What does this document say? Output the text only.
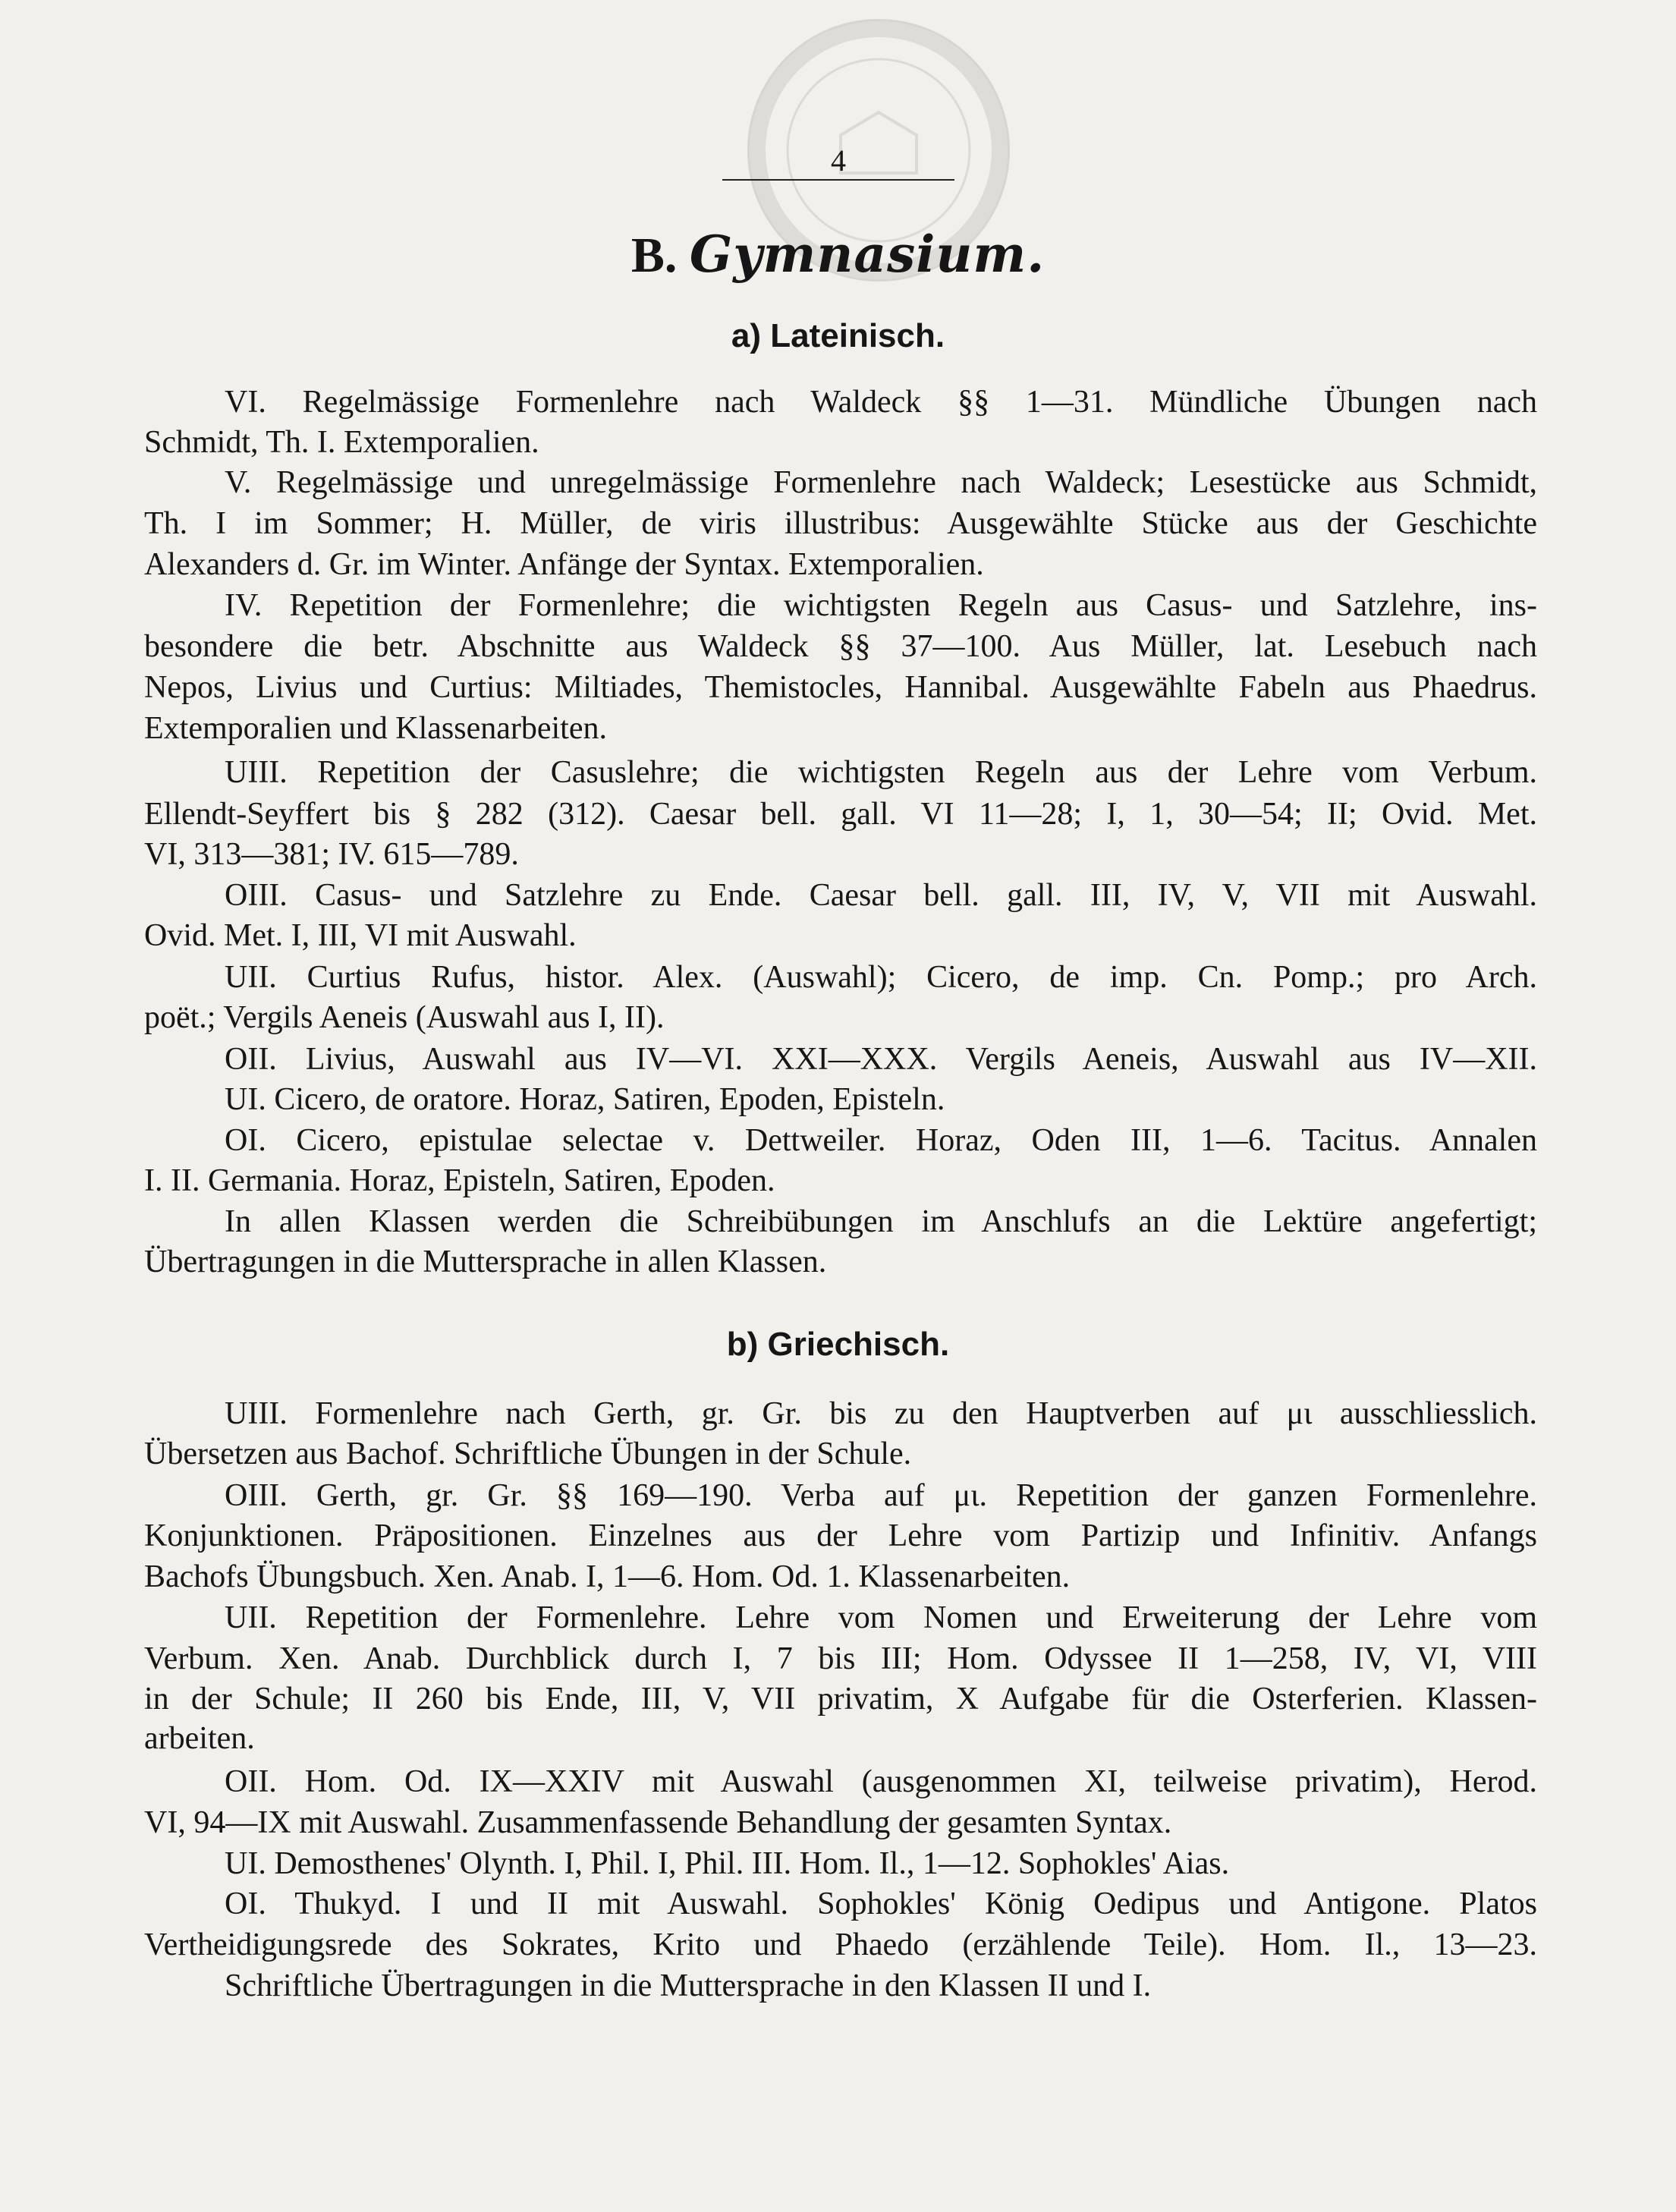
4
B. Gymnasium.
a) Lateinisch.
VI. Regelmässige Formenlehre nach Waldeck §§ 1—31. Mündliche Übungen nach
Schmidt, Th. I. Extemporalien.
V. Regelmässige und unregelmässige Formenlehre nach Waldeck; Lesestücke aus Schmidt,
Th. I im Sommer; H. Müller, de viris illustribus: Ausgewählte Stücke aus der Geschichte
Alexanders d. Gr. im Winter. Anfänge der Syntax. Extemporalien.
IV. Repetition der Formenlehre; die wichtigsten Regeln aus Casus- und Satzlehre, ins-
besondere die betr. Abschnitte aus Waldeck §§ 37—100. Aus Müller, lat. Lesebuch nach
Nepos, Livius und Curtius: Miltiades, Themistocles, Hannibal. Ausgewählte Fabeln aus Phaedrus.
Extemporalien und Klassenarbeiten.
UIII. Repetition der Casuslehre; die wichtigsten Regeln aus der Lehre vom Verbum.
Ellendt-Seyffert bis § 282 (312). Caesar bell. gall. VI 11—28; I, 1, 30—54; II; Ovid. Met.
VI, 313—381; IV. 615—789.
OIII. Casus- und Satzlehre zu Ende. Caesar bell. gall. III, IV, V, VII mit Auswahl.
Ovid. Met. I, III, VI mit Auswahl.
UII. Curtius Rufus, histor. Alex. (Auswahl); Cicero, de imp. Cn. Pomp.; pro Arch.
poët.; Vergils Aeneis (Auswahl aus I, II).
OII. Livius, Auswahl aus IV—VI. XXI—XXX. Vergils Aeneis, Auswahl aus IV—XII.
UI. Cicero, de oratore. Horaz, Satiren, Epoden, Episteln.
OI. Cicero, epistulae selectae v. Dettweiler. Horaz, Oden III, 1—6. Tacitus. Annalen
I. II. Germania. Horaz, Episteln, Satiren, Epoden.
In allen Klassen werden die Schreibübungen im Anschlufs an die Lektüre angefertigt;
Übertragungen in die Muttersprache in allen Klassen.
b) Griechisch.
UIII. Formenlehre nach Gerth, gr. Gr. bis zu den Hauptverben auf μι ausschliesslich.
Übersetzen aus Bachof. Schriftliche Übungen in der Schule.
OIII. Gerth, gr. Gr. §§ 169—190. Verba auf μι. Repetition der ganzen Formenlehre.
Konjunktionen. Präpositionen. Einzelnes aus der Lehre vom Partizip und Infinitiv. Anfangs
Bachofs Übungsbuch. Xen. Anab. I, 1—6. Hom. Od. 1. Klassenarbeiten.
UII. Repetition der Formenlehre. Lehre vom Nomen und Erweiterung der Lehre vom
Verbum. Xen. Anab. Durchblick durch I, 7 bis III; Hom. Odyssee II 1—258, IV, VI, VIII
in der Schule; II 260 bis Ende, III, V, VII privatim, X Aufgabe für die Osterferien. Klassen-
arbeiten.
OII. Hom. Od. IX—XXIV mit Auswahl (ausgenommen XI, teilweise privatim), Herod.
VI, 94—IX mit Auswahl. Zusammenfassende Behandlung der gesamten Syntax.
UI. Demosthenes' Olynth. I, Phil. I, Phil. III. Hom. Il., 1—12. Sophokles' Aias.
OI. Thukyd. I und II mit Auswahl. Sophokles' König Oedipus und Antigone. Platos
Vertheidigungsrede des Sokrates, Krito und Phaedo (erzählende Teile). Hom. Il., 13—23.
Schriftliche Übertragungen in die Muttersprache in den Klassen II und I.
